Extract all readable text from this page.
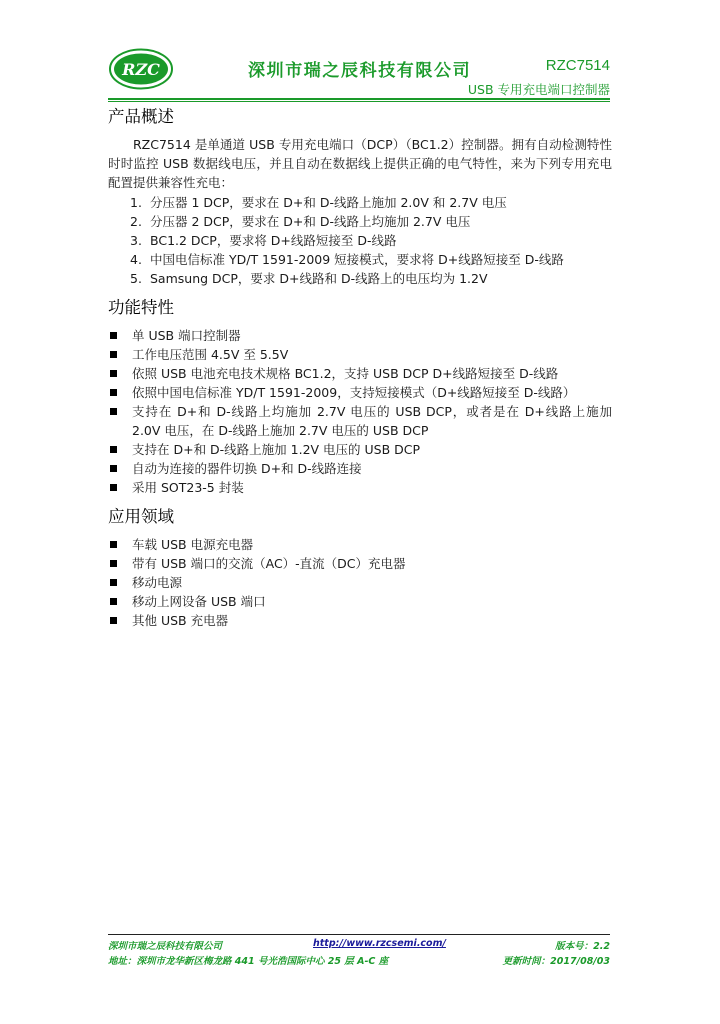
RZC	深圳市瑞之辰科技有限公司	RZC7514
USB 专用充电端口控制器
产品概述

RZC7514 是单通道 USB 专用充电端口（DCP）（BC1.2）控制器。拥有自动检测特性时时监控 USB 数据线电压，并且自动在数据线上提供正确的电气特性，来为下列专用充电配置提供兼容性充电：

1. 分压器 1 DCP，要求在 D+和 D-线路上施加 2.0V 和 2.7V 电压
2. 分压器 2 DCP，要求在 D+和 D-线路上均施加 2.7V 电压
3. BC1.2 DCP，要求将 D+线路短接至 D-线路
4. 中国电信标准 YD/T 1591-2009 短接模式，要求将 D+线路短接至 D-线路
5. Samsung DCP，要求 D+线路和 D-线路上的电压均为 1.2V
功能特性
单 USB 端口控制器
工作电压范围 4.5V 至 5.5V
依照 USB 电池充电技术规格 BC1.2，支持 USB DCP D+线路短接至 D-线路
依照中国电信标准 YD/T 1591-2009，支持短接模式（D+线路短接至 D-线路）
支持在 D+和 D-线路上均施加 2.7V 电压的 USB DCP，或者是在 D+线路上施加 2.0V 电压，在 D-线路上施加 2.7V 电压的 USB DCP
支持在 D+和 D-线路上施加 1.2V 电压的 USB DCP
自动为连接的器件切换 D+和 D-线路连接
采用 SOT23-5 封装
应用领域
车载 USB 电源充电器
带有 USB 端口的交流（AC）-直流（DC）充电器
移动电源
移动上网设备 USB 端口
其他 USB 充电器
深圳市瑞之辰科技有限公司	http://www.rzcsemi.com/	版本号：2.2
地址：深圳市龙华新区梅龙路 441 号光浩国际中心 25 层 A-C 座	更新时间：2017/08/03
